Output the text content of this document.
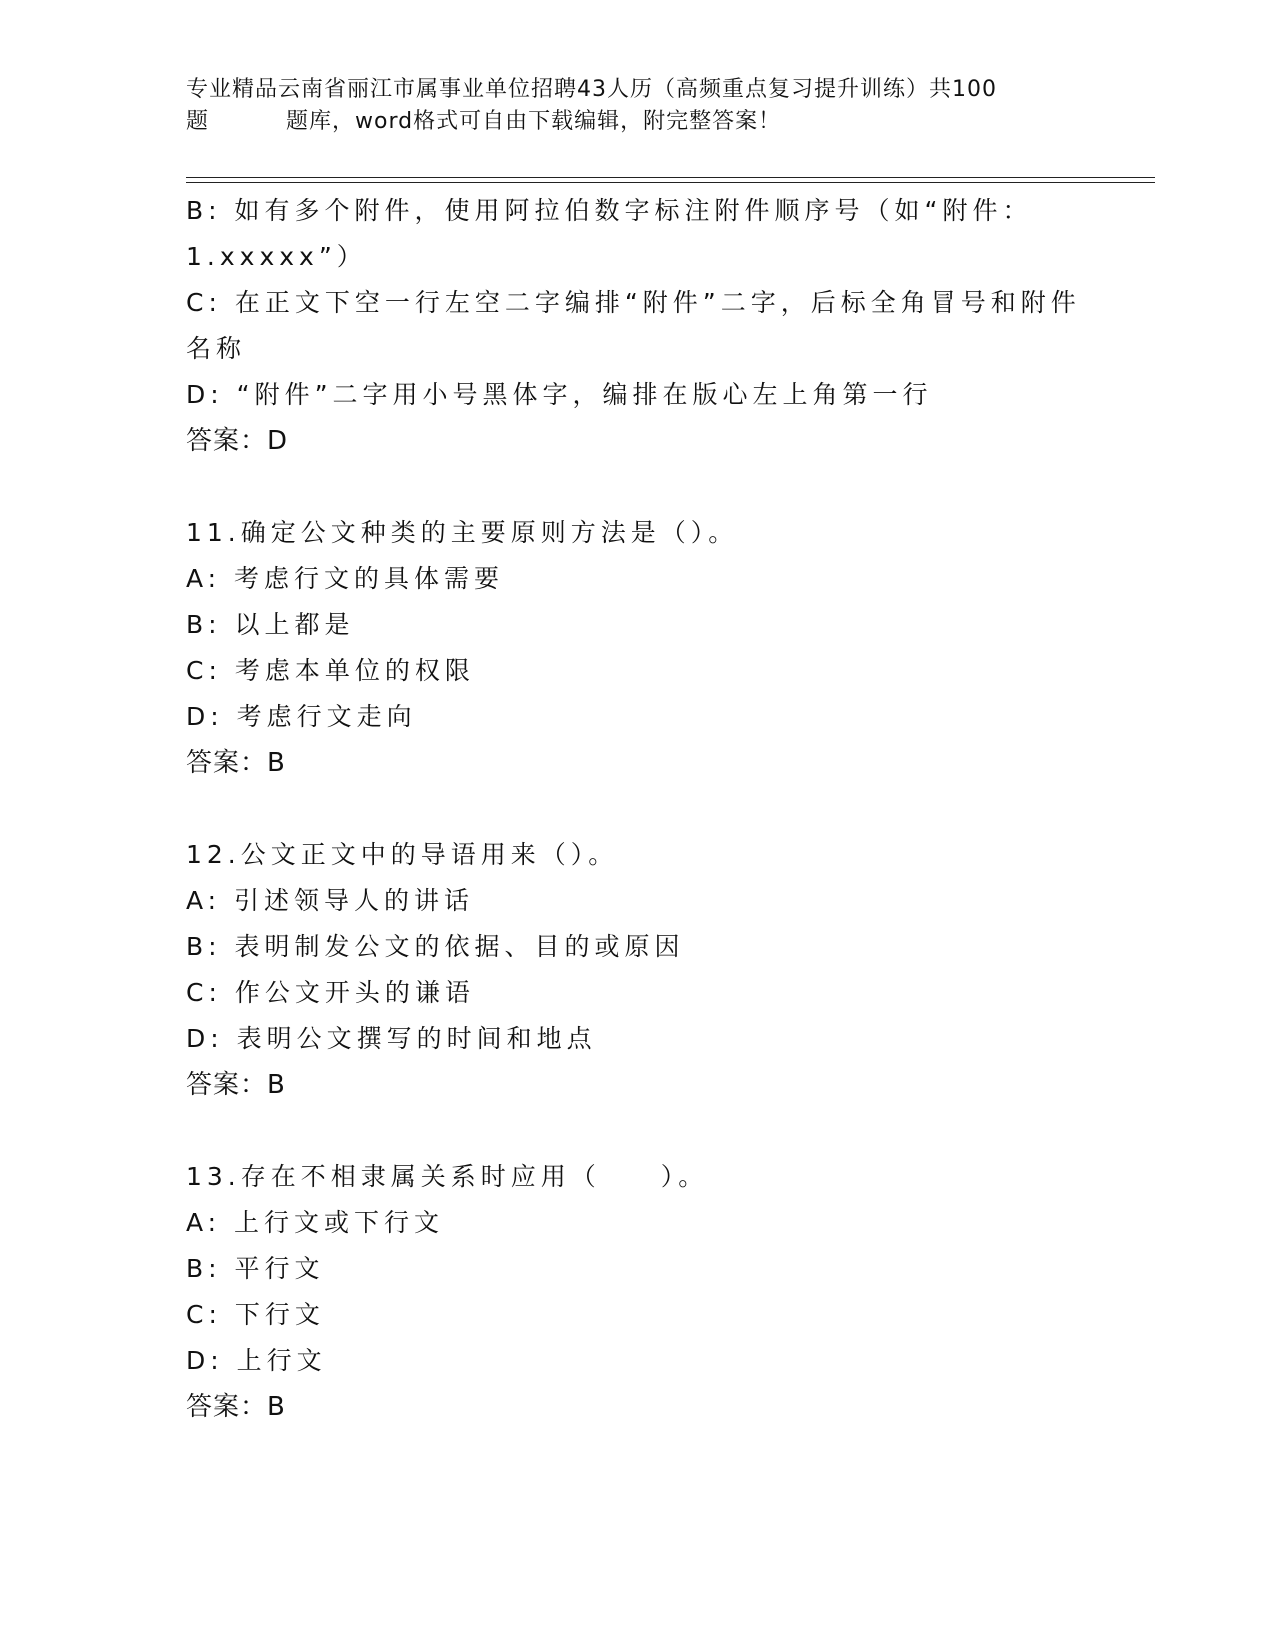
专业精品云南省丽江市属事业单位招聘43人历（高频重点复习提升训练）共100
题	题库，word格式可自由下载编辑，附完整答案！
B: 如有多个附件，使用阿拉伯数字标注附件顺序号（如“附件：
1.xxxxx”）
C: 在正文下空一行左空二字编排“附件”二字，后标全角冒号和附件
名称
D: “附件”二字用小号黑体字，编排在版心左上角第一行
答案：D
11.确定公文种类的主要原则方法是（）。
A: 考虑行文的具体需要
B: 以上都是
C: 考虑本单位的权限
D: 考虑行文走向
答案：B
12.公文正文中的导语用来（）。
A: 引述领导人的讲话
B: 表明制发公文的依据、目的或原因
C: 作公文开头的谦语
D: 表明公文撰写的时间和地点
答案：B
13.存在不相隶属关系时应用（　　）。
A: 上行文或下行文
B: 平行文
C: 下行文
D: 上行文
答案：B
